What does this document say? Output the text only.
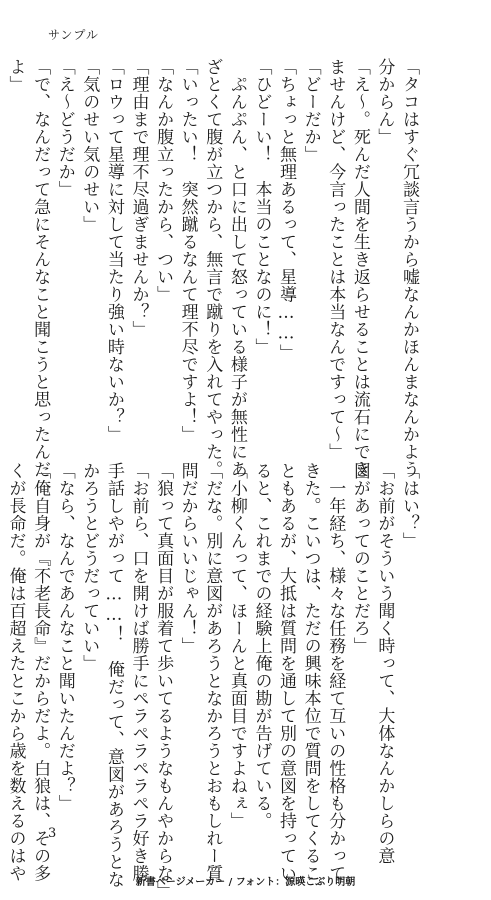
サンプル
「タコはすぐ冗談言うから嘘なんかほんまなんかよう
分からん」
「え～。死んだ人間を生き返らせることは流石にでき
ませんけど、今言ったことは本当なんですって～」
「どーだか」
「ちょっと無理あるって、星導……」
「ひどーい！　本当のことなのに！」
　ぷんぷん、と口に出して怒っている様子が無性にあ
ざとくて腹が立つから、無言で蹴りを入れてやった。
「いったい！　突然蹴るなんて理不尽ですよ！」
「なんか腹立ったから、つい」
「理由まで理不尽過ぎませんか？」
「ロウって星導に対して当たり強い時ないか？」
「気のせい気のせい」
「え～どうだか」
「で、なんだって急にそんなこと聞こうと思ったんだ
よ」
「はい？」
「お前がそういう聞く時って、大体なんかしらの意
図があってのことだろ」
　一年経ち、様々な任務を経て互いの性格も分かって
きた。こいつは、ただの興味本位で質問をしてくるこ
ともあるが、大抵は質問を通して別の意図を持ってい
ると、これまでの経験上俺の勘が告げている。
「小柳くんって、ほーんと真面目ですよねぇ」
「だな。別に意図があろうとなかろうとおもしれー質
問だからいいじゃん！」
「狼って真面目が服着て歩いてるようなもんやからな」
「お前ら、口を開けば勝手にペラペラペラペラ好き勝
手話しやがって……！　俺だって、意図があろうとな
かろうとどうだっていい」
「なら、なんであんなこと聞いたんだよ？」
「俺自身が『不老長命』だからだよ。白狼は、その多
くが長命だ。俺は百超えたとこから歳を数えるのはや 3
新書ページメーカー / フォント：源暎こぶり明朝
